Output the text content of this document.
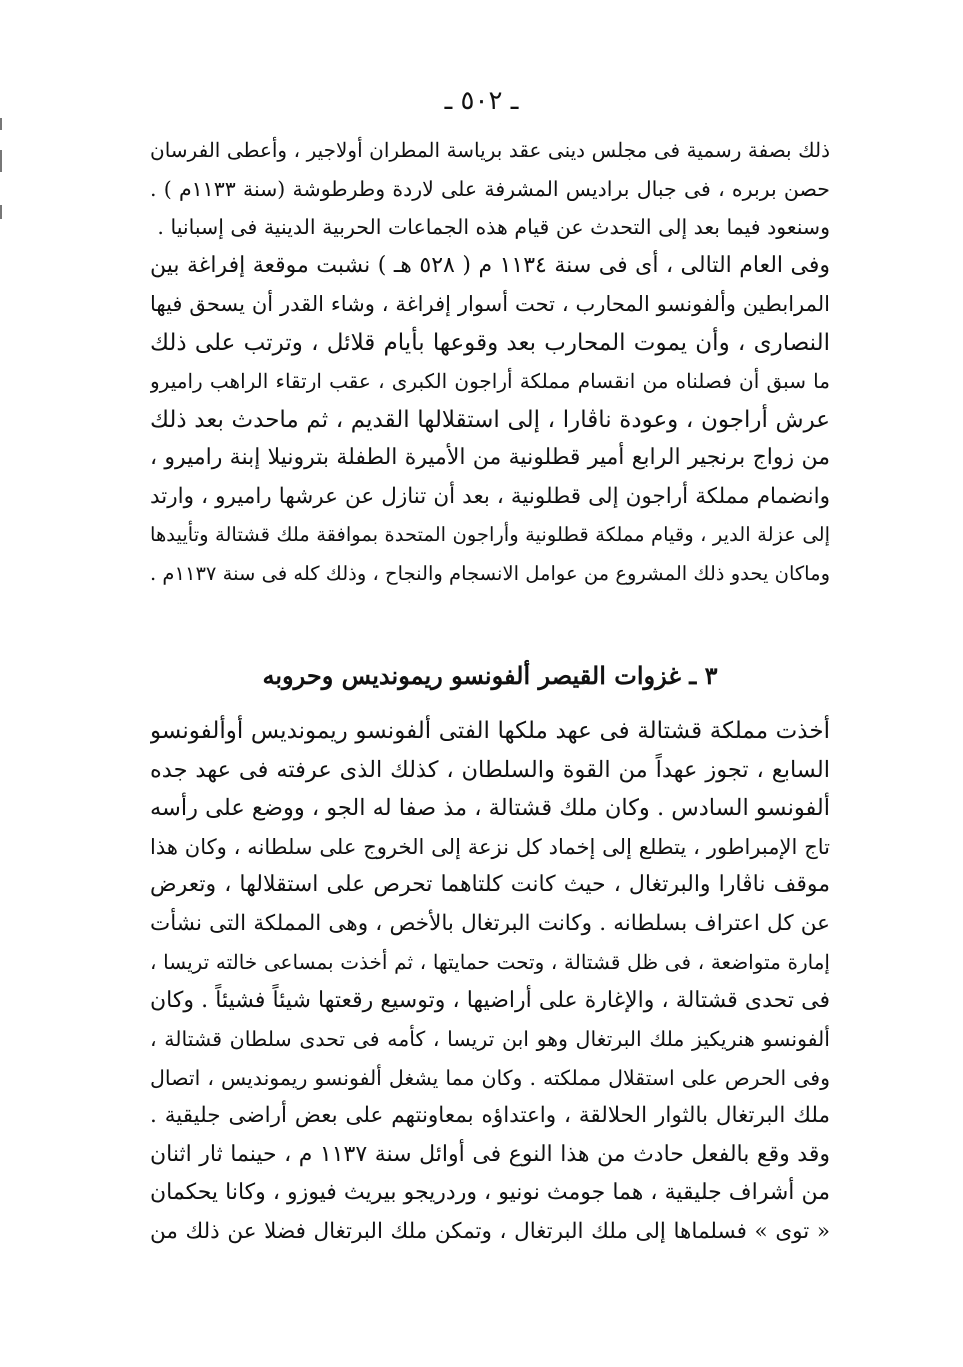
ـ ٥٠٢ ـ
ذلك بصفة رسمية فى مجلس دينى عقد برياسة المطران أولاجير ، وأعطى الفرسان
حصن بربره ، فى جبال براديس المشرفة على لاردة وطرطوشة (سنة ١١٣٣م ) .
وسنعود فيما بعد إلى التحدث عن قيام هذه الجماعات الحربية الدينية فى إسبانيا .
وفى العام التالى ، أى فى سنة ١١٣٤ م ( ٥٢٨ هـ ) نشبت موقعة إفراغة بين
المرابطين وألفونسو المحارب ، تحت أسوار إفراغة ، وشاء القدر أن يسحق فيها
النصارى ، وأن يموت المحارب بعد وقوعها بأيام قلائل ، وترتب على ذلك
ما سبق أن فصلناه من انقسام مملكة أراجون الكبرى ، عقب ارتقاء الراهب راميرو
عرش أراجون ، وعودة ناڤارا ، إلى استقلالها القديم ، ثم ماحدث بعد ذلك
من زواج برنجير الرابع أمير قطلونية من الأميرة الطفلة بترونيلا إبنة راميرو ،
وانضمام مملكة أراجون إلى قطلونية ، بعد أن تنازل عن عرشها راميرو ، وارتد
إلى عزلة الدير ، وقيام مملكة قطلونية وأراجون المتحدة بموافقة ملك قشتالة وتأييدها
وماكان يحدو ذلك المشروع من عوامل الانسجام والنجاح ، وذلك كله فى سنة ١١٣٧م .
٣ ـ غزوات القيصر ألفونسو ريموندیس وحروبه
أخذت مملكة قشتالة فى عهد ملكها الفتى ألفونسو ريمونديس أوألفونسو
السابع ، تجوز عهداً من القوة والسلطان ، كذلك الذى عرفته فى عهد جده
ألفونسو السادس . وكان ملك قشتالة ، مذ صفا له الجو ، ووضع على رأسه
تاج الإمبراطور ، يتطلع إلى إخماد كل نزعة إلى الخروج على سلطانه ، وكان هذا
موقف ناڤارا والبرتغال ، حيث كانت كلتاهما تحرص على استقلالها ، وتعرض
عن كل اعتراف بسلطانه . وكانت البرتغال بالأخص ، وهى المملكة التى نشأت
إمارة متواضعة ، فى ظل قشتالة ، وتحت حمايتها ، ثم أخذت بمساعى خالته تريسا ،
فى تحدى قشتالة ، والإغارة على أراضيها ، وتوسيع رقعتها شيئاً فشيئاً . وكان
ألفونسو هنريكيز ملك البرتغال وهو ابن تريسا ، كأمه فى تحدى سلطان قشتالة ،
وفى الحرص على استقلال مملكته . وكان مما يشغل ألفونسو ريمونديس ، اتصال
ملك البرتغال بالثوار الحلالقة ، واعتداؤه بمعاونتهم على بعض أراضى جليقية .
وقد وقع بالفعل حادث من هذا النوع فى أوائل سنة ١١٣٧ م ، حينما ثار اثنان
من أشراف جليقية ، هما جومث نونيو ، وردريجو بيريث فيوزو ، وكانا يحكمان
« توى » فسلماها إلى ملك البرتغال ، وتمكن ملك البرتغال فضلا عن ذلك من
